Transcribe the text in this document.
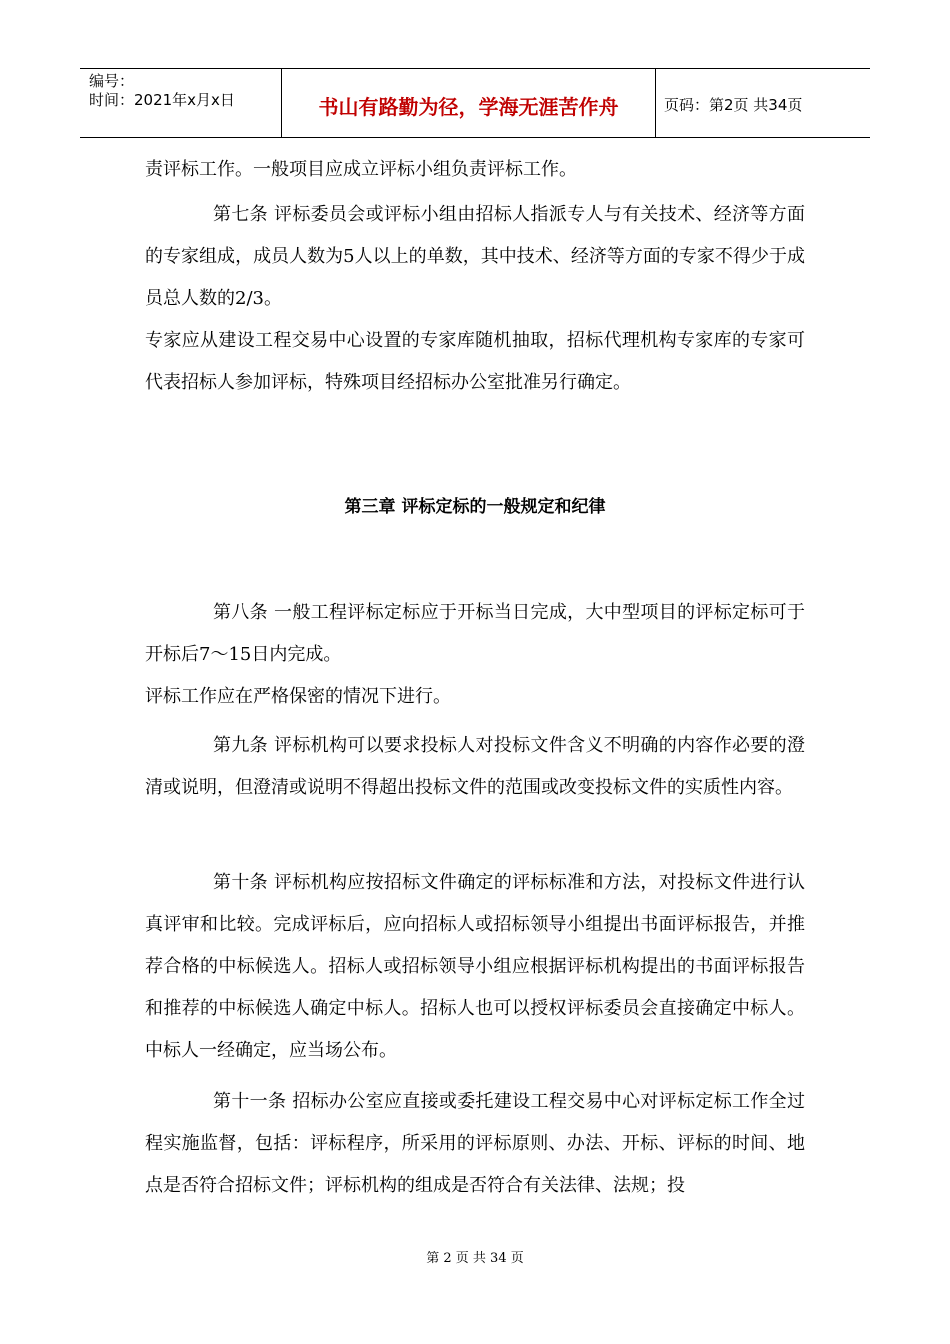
编号：
时间：2021年x月x日	书山有路勤为径，学海无涯苦作舟	页码：第2页 共34页

责评标工作。一般项目应成立评标小组负责评标工作。

第七条 评标委员会或评标小组由招标人指派专人与有关技术、经济等方面的专家组成，成员人数为5人以上的单数，其中技术、经济等方面的专家不得少于成员总人数的2/3。

专家应从建设工程交易中心设置的专家库随机抽取，招标代理机构专家库的专家可代表招标人参加评标，特殊项目经招标办公室批准另行确定。

第三章 评标定标的一般规定和纪律

第八条 一般工程评标定标应于开标当日完成，大中型项目的评标定标可于开标后7～15日内完成。

评标工作应在严格保密的情况下进行。

第九条 评标机构可以要求投标人对投标文件含义不明确的内容作必要的澄清或说明，但澄清或说明不得超出投标文件的范围或改变投标文件的实质性内容。

第十条 评标机构应按招标文件确定的评标标准和方法，对投标文件进行认真评审和比较。完成评标后，应向招标人或招标领导小组提出书面评标报告，并推荐合格的中标候选人。招标人或招标领导小组应根据评标机构提出的书面评标报告和推荐的中标候选人确定中标人。招标人也可以授权评标委员会直接确定中标人。中标人一经确定，应当场公布。

第十一条 招标办公室应直接或委托建设工程交易中心对评标定标工作全过程实施监督，包括：评标程序，所采用的评标原则、办法、开标、评标的时间、地点是否符合招标文件；评标机构的组成是否符合有关法律、法规；投

第 2 页 共 34 页
